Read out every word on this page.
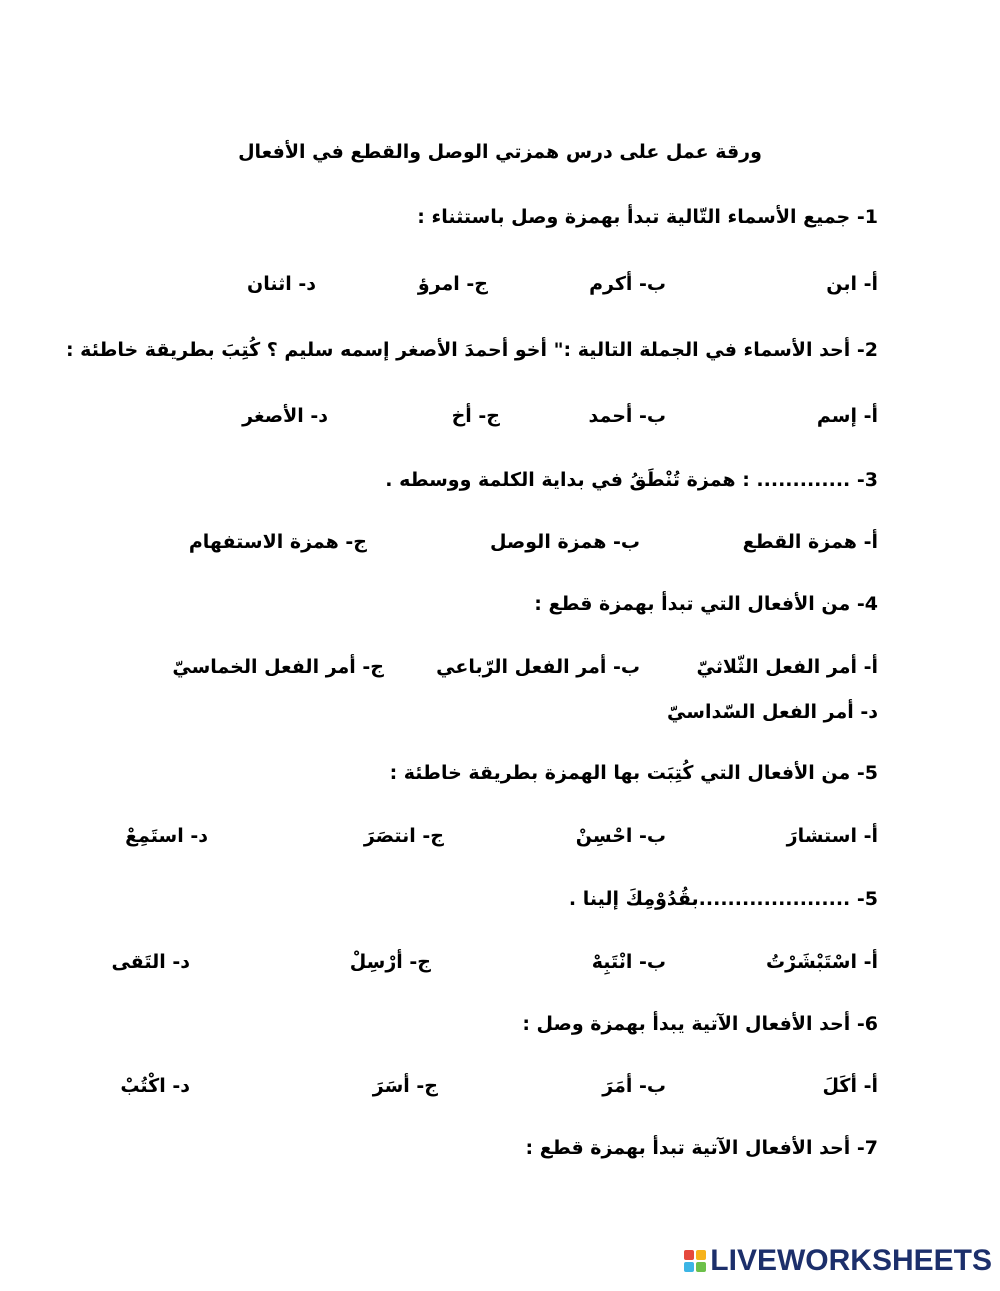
ورقة عمل على درس همزتي الوصل والقطع في الأفعال
1- جميع الأسماء التّالية تبدأ بهمزة وصل باستثناء :
أ- ابن
ب- أكرم
ج- امرؤ
د- اثنان
2- أحد الأسماء في الجملة التالية :" أخو أحمدَ الأصغر إسمه سليم ؟ كُتِبَ بطريقة خاطئة :
أ- إسم
ب- أحمد
ج- أخ
د- الأصغر
3- ............. : همزة تُنْطَقُ في بداية الكلمة ووسطه .
أ- همزة القطع
ب- همزة الوصل
ج- همزة الاستفهام
4- من الأفعال التي تبدأ بهمزة قطع :
أ- أمر الفعل الثّلاثيّ
ب- أمر الفعل الرّباعي
ج- أمر الفعل الخماسيّ
د- أمر الفعل السّداسيّ
5- من الأفعال التي كُتِبَت بها الهمزة بطريقة خاطئة :
أ- استشارَ
ب- احْسِنْ
ج- انتصَرَ
د- استَمِعْ
5- .....................بقُدُوْمِكَ إلينا .
أ- اسْتَبْشَرْتُ
ب- انْتَبِهْ
ج- أرْسِلْ
د- التَقى
6- أحد الأفعال الآتية يبدأ بهمزة وصل :
أ- أكَلَ
ب- أمَرَ
ج- أسَرَ
د- اكْتُبْ
7- أحد الأفعال الآتية تبدأ بهمزة قطع :
LIVEWORKSHEETS
